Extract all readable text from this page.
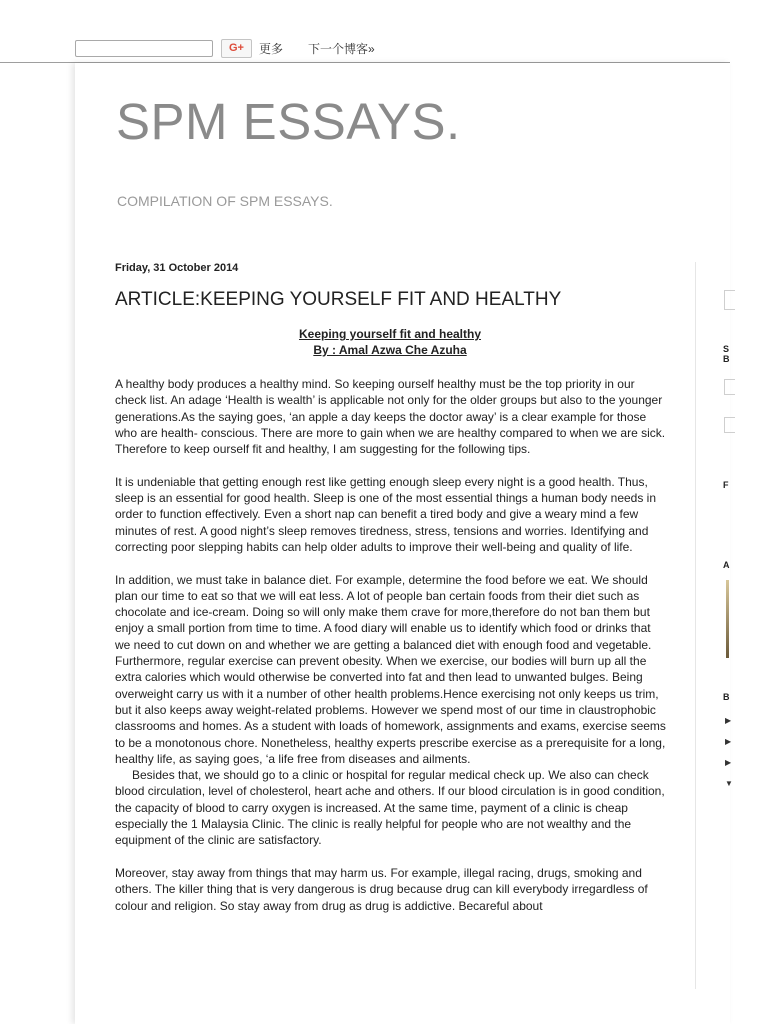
G+	更多 下一个博客»
SPM ESSAYS.

COMPILATION OF SPM ESSAYS.

Friday, 31 October 2014
ARTICLE:KEEPING YOURSELF FIT AND HEALTHY
Keeping yourself fit and healthy
By : Amal Azwa Che Azuha

A healthy body produces a healthy mind. So keeping ourself healthy must be the top priority in our check list. An adage ‘Health is wealth’ is applicable not only for the older groups but also to the younger generations.As the saying goes, ‘an apple a day keeps the doctor away’ is a clear example for those who are health- conscious. There are more to gain when we are healthy compared to when we are sick. Therefore to keep ourself fit and healthy, I am suggesting for the following tips.

It is undeniable that getting enough rest like getting enough sleep every night is a good health. Thus, sleep is an essential for good health. Sleep is one of the most essential things a human body needs in order to function effectively. Even a short nap can benefit a tired body and give a weary mind a few minutes of rest. A good night’s sleep removes tiredness, stress, tensions and worries. Identifying and correcting poor slepping habits can help older adults to improve their well-being and quality of life.

In addition, we must take in balance diet. For example, determine the food before we eat. We should plan our time to eat so that we will eat less. A lot of people ban certain foods from their diet such as chocolate and ice-cream. Doing so will only make them crave for more,therefore do not ban them but enjoy a small portion from time to time. A food diary will enable us to identify which food or drinks that we need to cut down on and whether we are getting a balanced diet with enough food and vegetable.

Furthermore, regular exercise can prevent obesity. When we exercise, our bodies will burn up all the extra calories which would otherwise be converted into fat and then lead to unwanted bulges. Being overweight carry us with it a number of other health problems.Hence exercising not only keeps us trim, but it also keeps away weight-related problems. However we spend most of our time in claustrophobic classrooms and homes. As a student with loads of homework, assignments and exams, exercise seems to be a monotonous chore. Nonetheless, healthy experts prescribe exercise as a prerequisite for a long, healthy life, as saying goes, ‘a life free from diseases and ailments.

Besides that, we should go to a clinic or hospital for regular medical check up. We also can check blood circulation, level of cholesterol, heart ache and others. If our blood circulation is in good condition, the capacity of blood to carry oxygen is increased. At the same time, payment of a clinic is cheap especially the 1 Malaysia Clinic. The clinic is really helpful for people who are not wealthy and the equipment of the clinic are satisfactory.

Moreover, stay away from things that may harm us. For example, illegal racing, drugs, smoking and others. The killer thing that is very dangerous is drug because drug can kill everybody irregardless of colour and religion. So stay away from drug as drug is addictive. Becareful about

S
B
F
A
B
▶
▶
▶
▼
